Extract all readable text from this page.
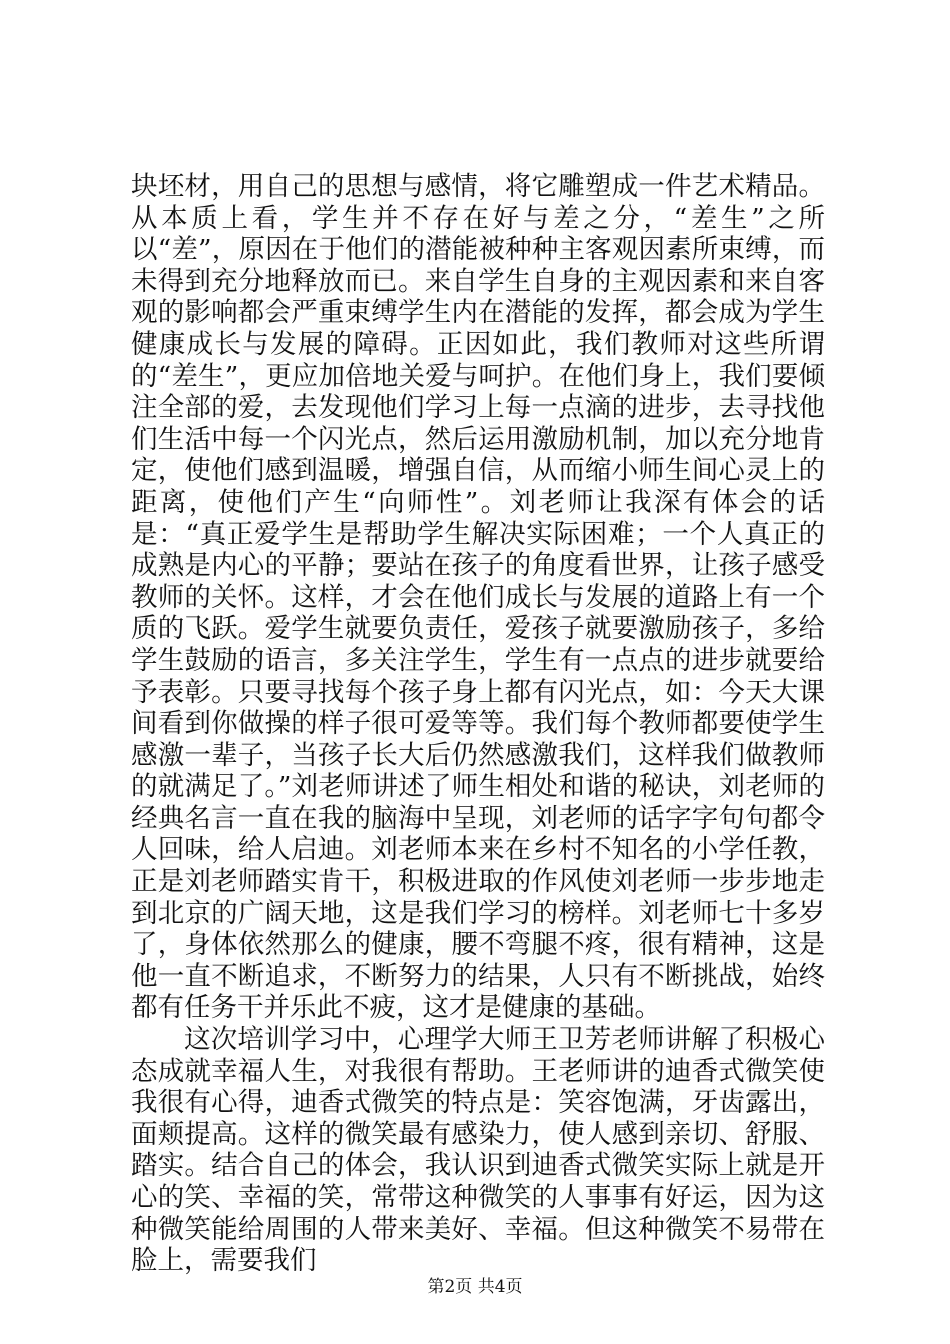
块坯材，用自己的思想与感情，将它雕塑成一件艺术精品。从本质上看，学生并不存在好与差之分，“差生”之所以“差”，原因在于他们的潜能被种种主客观因素所束缚，而未得到充分地释放而已。来自学生自身的主观因素和来自客观的影响都会严重束缚学生内在潜能的发挥，都会成为学生健康成长与发展的障碍。正因如此，我们教师对这些所谓的“差生”，更应加倍地关爱与呵护。在他们身上，我们要倾注全部的爱，去发现他们学习上每一点滴的进步，去寻找他们生活中每一个闪光点，然后运用激励机制，加以充分地肯定，使他们感到温暖，增强自信，从而缩小师生间心灵上的距离，使他们产生“向师性”。刘老师让我深有体会的话是：“真正爱学生是帮助学生解决实际困难；一个人真正的成熟是内心的平静；要站在孩子的角度看世界，让孩子感受教师的关怀。这样，才会在他们成长与发展的道路上有一个质的飞跃。爱学生就要负责任，爱孩子就要激励孩子，多给学生鼓励的语言，多关注学生，学生有一点点的进步就要给予表彰。只要寻找每个孩子身上都有闪光点，如：今天大课间看到你做操的样子很可爱等等。我们每个教师都要使学生感激一辈子，当孩子长大后仍然感激我们，这样我们做教师的就满足了。”刘老师讲述了师生相处和谐的秘诀，刘老师的经典名言一直在我的脑海中呈现，刘老师的话字字句句都令人回味，给人启迪。刘老师本来在乡村不知名的小学任教，正是刘老师踏实肯干，积极进取的作风使刘老师一步步地走到北京的广阔天地，这是我们学习的榜样。刘老师七十多岁了，身体依然那么的健康，腰不弯腿不疼，很有精神，这是他一直不断追求，不断努力的结果，人只有不断挑战，始终都有任务干并乐此不疲，这才是健康的基础。

这次培训学习中，心理学大师王卫芳老师讲解了积极心态成就幸福人生，对我很有帮助。王老师讲的迪香式微笑使我很有心得，迪香式微笑的特点是：笑容饱满，牙齿露出，面颊提高。这样的微笑最有感染力，使人感到亲切、舒服、踏实。结合自己的体会，我认识到迪香式微笑实际上就是开心的笑、幸福的笑，常带这种微笑的人事事有好运，因为这种微笑能给周围的人带来美好、幸福。但这种微笑不易带在脸上，需要我们

第2页 共4页
